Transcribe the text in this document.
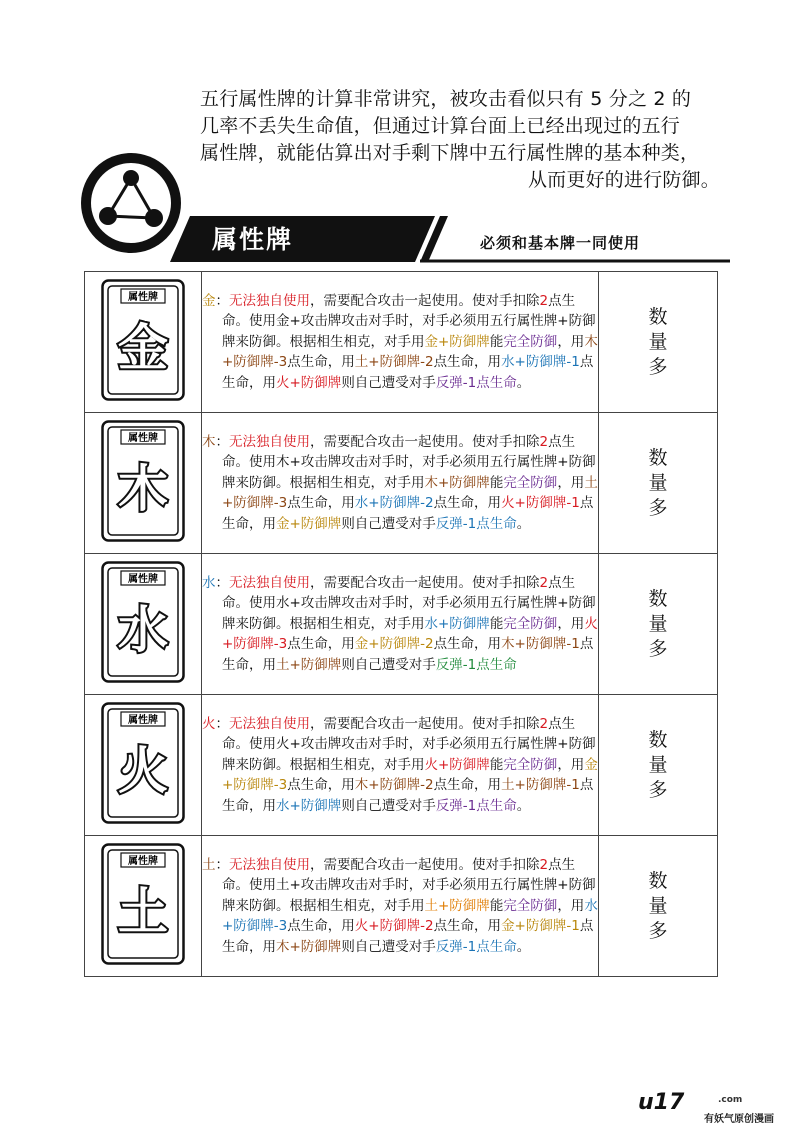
五行属性牌的计算非常讲究，被攻击看似只有 5 分之 2 的
几率不丢失生命值，但通过计算台面上已经出现过的五行
属性牌，就能估算出对手剩下牌中五行属性牌的基本种类，

从而更好的进行防御。
属性牌	必须和基本牌一同使用
属性牌
金	金：无法独自使用，需要配合攻击一起使用。使对手扣除2点生命。使用金+攻击牌攻击对手时，对手必须用五行属性牌+防御牌来防御。根据相生相克，对手用金+防御牌能完全防御，用木+防御牌-3点生命，用土+防御牌-2点生命，用水+防御牌-1点生命，用火+防御牌则自己遭受对手反弹-1点生命。	数
量
多

属性牌
木	木：无法独自使用，需要配合攻击一起使用。使对手扣除2点生命。使用木+攻击牌攻击对手时，对手必须用五行属性牌+防御牌来防御。根据相生相克，对手用木+防御牌能完全防御，用土+防御牌-3点生命，用水+防御牌-2点生命，用火+防御牌-1点生命，用金+防御牌则自己遭受对手反弹-1点生命。	数
量
多

属性牌
水	水：无法独自使用，需要配合攻击一起使用。使对手扣除2点生命。使用水+攻击牌攻击对手时，对手必须用五行属性牌+防御牌来防御。根据相生相克，对手用水+防御牌能完全防御，用火+防御牌-3点生命，用金+防御牌-2点生命，用木+防御牌-1点生命，用土+防御牌则自己遭受对手反弹-1点生命	数
量
多

属性牌
火	火：无法独自使用，需要配合攻击一起使用。使对手扣除2点生命。使用火+攻击牌攻击对手时，对手必须用五行属性牌+防御牌来防御。根据相生相克，对手用火+防御牌能完全防御，用金+防御牌-3点生命，用木+防御牌-2点生命，用土+防御牌-1点生命，用水+防御牌则自己遭受对手反弹-1点生命。	数
量
多

属性牌
土	土：无法独自使用，需要配合攻击一起使用。使对手扣除2点生命。使用土+攻击牌攻击对手时，对手必须用五行属性牌+防御牌来防御。根据相生相克，对手用土+防御牌能完全防御，用水+防御牌-3点生命，用火+防御牌-2点生命，用金+防御牌-1点生命，用木+防御牌则自己遭受对手反弹-1点生命。	数
量
多
u17	.com
有妖气原创漫画
